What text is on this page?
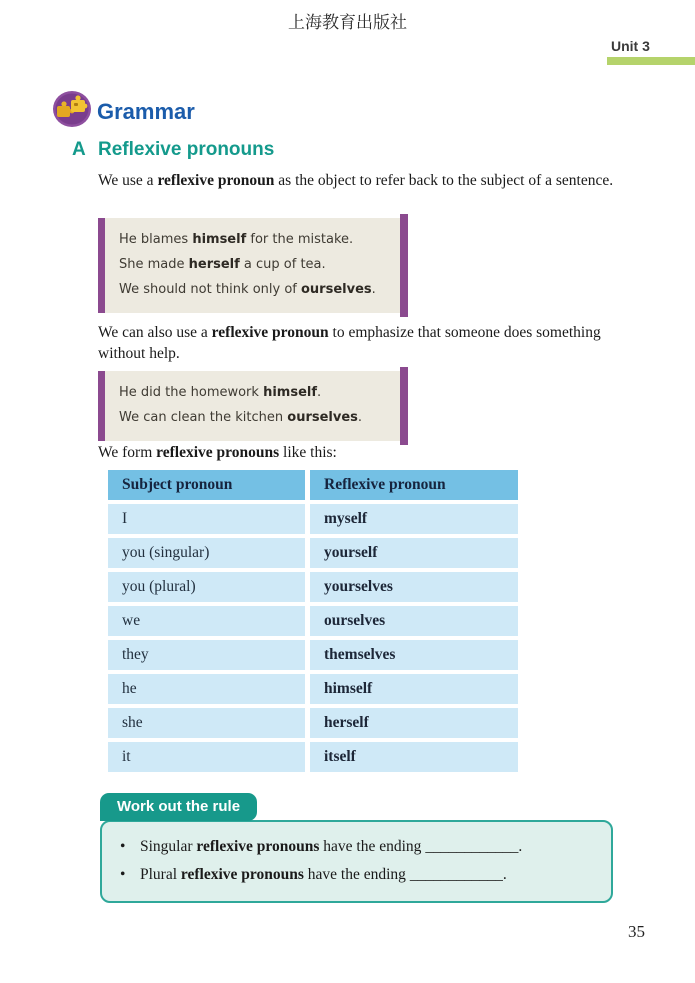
上海教育出版社
Unit 3
Grammar
A Reflexive pronouns
We use a reflexive pronoun as the object to refer back to the subject of a sentence.
He blames himself for the mistake.
She made herself a cup of tea.
We should not think only of ourselves.
We can also use a reflexive pronoun to emphasize that someone does something without help.
He did the homework himself.
We can clean the kitchen ourselves.
We form reflexive pronouns like this:
Subject pronoun	Reflexive pronoun
I	myself
you (singular)	yourself
you (plural)	yourselves
we	ourselves
they	themselves
he	himself
she	herself
it	itself
Work out the rule
• Singular reflexive pronouns have the ending ____________.
• Plural reflexive pronouns have the ending ____________.
35
